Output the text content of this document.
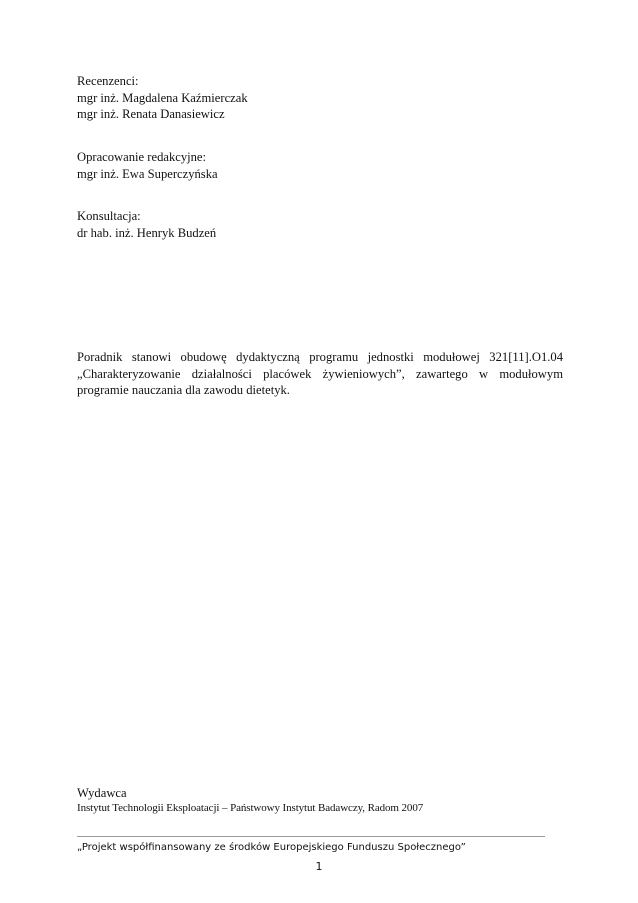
Recenzenci:
mgr inż. Magdalena Kaźmierczak
mgr inż. Renata Danasiewicz
Opracowanie redakcyjne:
mgr inż. Ewa Superczyńska
Konsultacja:
dr hab. inż. Henryk Budzeń

Poradnik stanowi obudowę dydaktyczną programu jednostki modułowej 321[11].O1.04 „Charakteryzowanie działalności placówek żywieniowych”, zawartego w modułowym programie nauczania dla zawodu dietetyk.

Wydawca
Instytut Technologii Eksploatacji – Państwowy Instytut Badawczy, Radom 2007
„Projekt współfinansowany ze środków Europejskiego Funduszu Społecznego”
1
